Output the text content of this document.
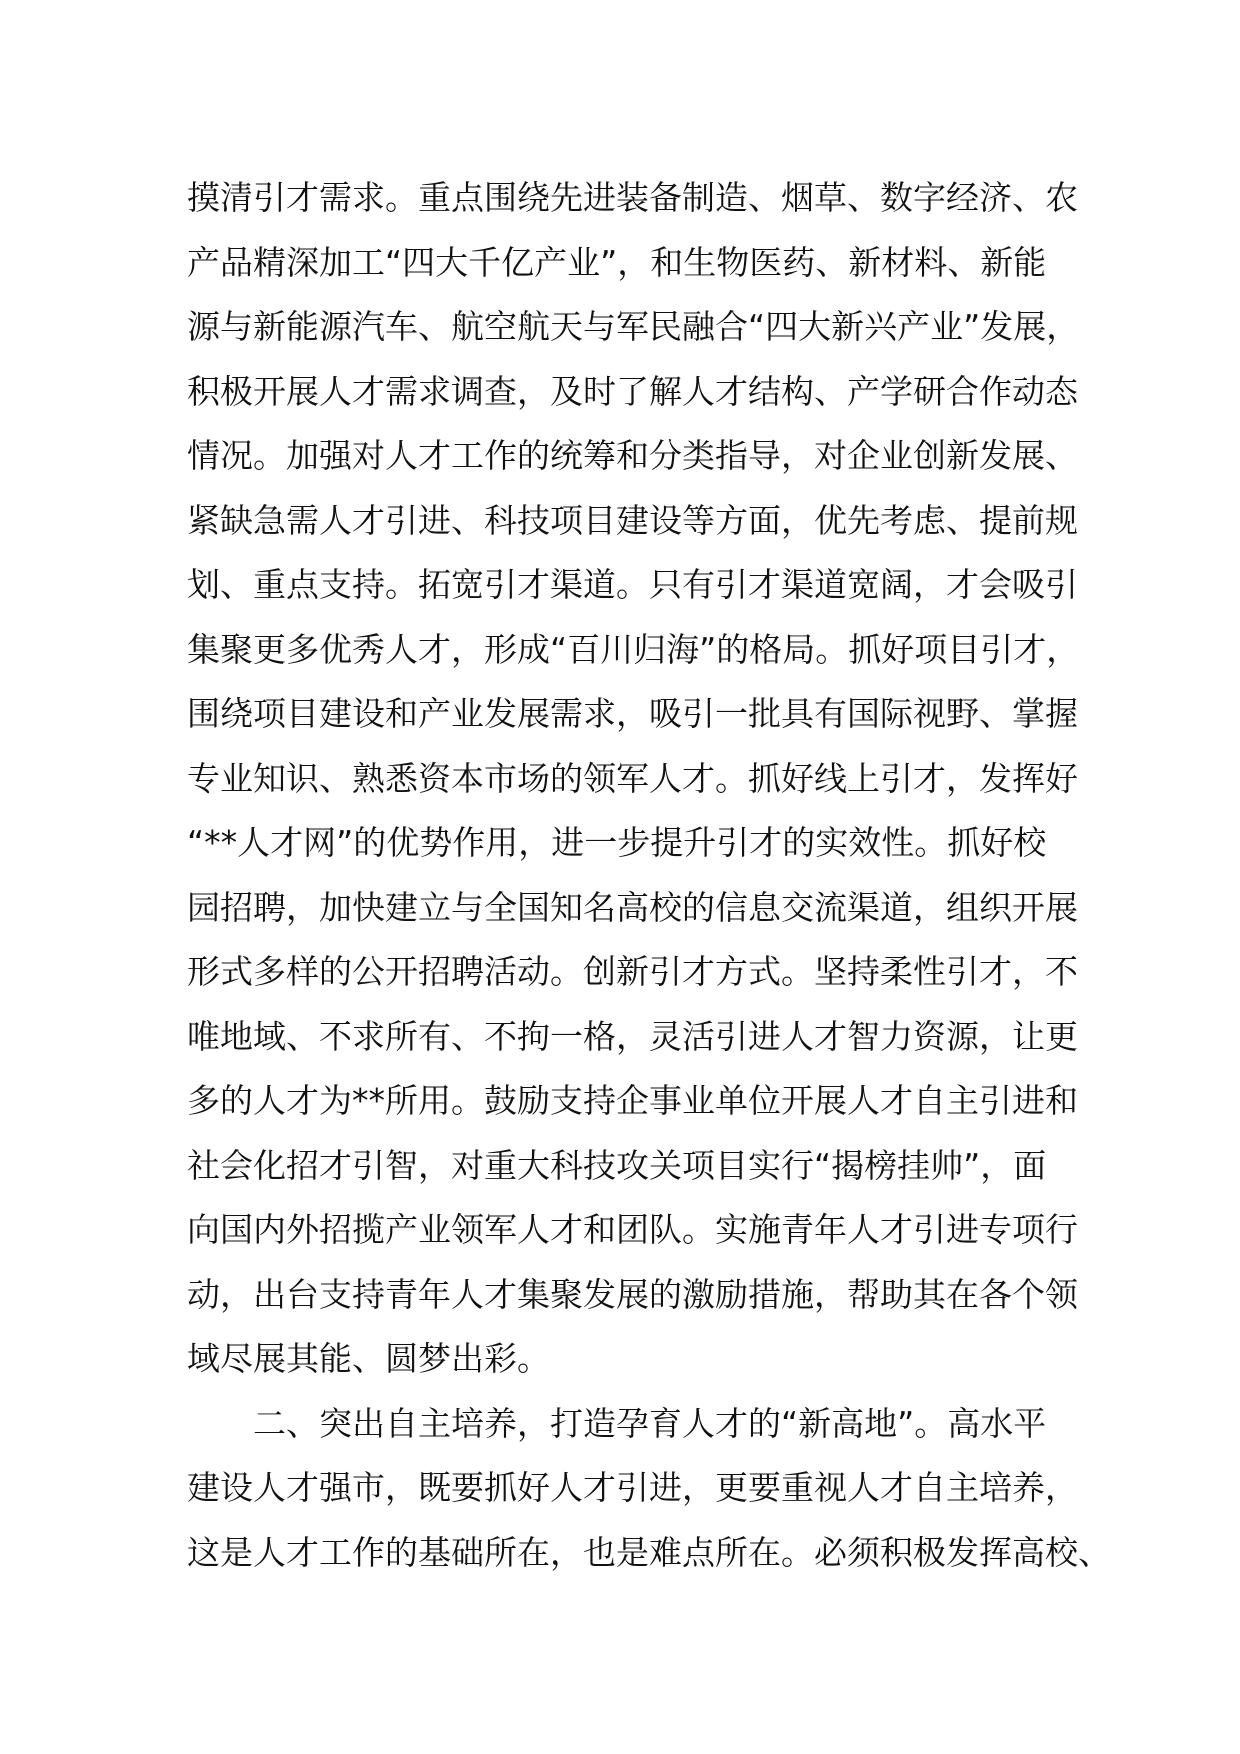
摸清引才需求。重点围绕先进装备制造、烟草、数字经济、农
产品精深加工“四大千亿产业”，和生物医药、新材料、新能
源与新能源汽车、航空航天与军民融合“四大新兴产业”发展，
积极开展人才需求调查，及时了解人才结构、产学研合作动态
情况。加强对人才工作的统筹和分类指导，对企业创新发展、
紧缺急需人才引进、科技项目建设等方面，优先考虑、提前规
划、重点支持。拓宽引才渠道。只有引才渠道宽阔，才会吸引
集聚更多优秀人才，形成“百川归海”的格局。抓好项目引才，
围绕项目建设和产业发展需求，吸引一批具有国际视野、掌握
专业知识、熟悉资本市场的领军人才。抓好线上引才，发挥好
“**人才网”的优势作用，进一步提升引才的实效性。抓好校
园招聘，加快建立与全国知名高校的信息交流渠道，组织开展
形式多样的公开招聘活动。创新引才方式。坚持柔性引才，不
唯地域、不求所有、不拘一格，灵活引进人才智力资源，让更
多的人才为**所用。鼓励支持企事业单位开展人才自主引进和
社会化招才引智，对重大科技攻关项目实行“揭榜挂帅”，面
向国内外招揽产业领军人才和团队。实施青年人才引进专项行
动，出台支持青年人才集聚发展的激励措施，帮助其在各个领
域尽展其能、圆梦出彩。
　　二、突出自主培养，打造孕育人才的“新高地”。高水平
建设人才强市，既要抓好人才引进，更要重视人才自主培养，
这是人才工作的基础所在，也是难点所在。必须积极发挥高校、
